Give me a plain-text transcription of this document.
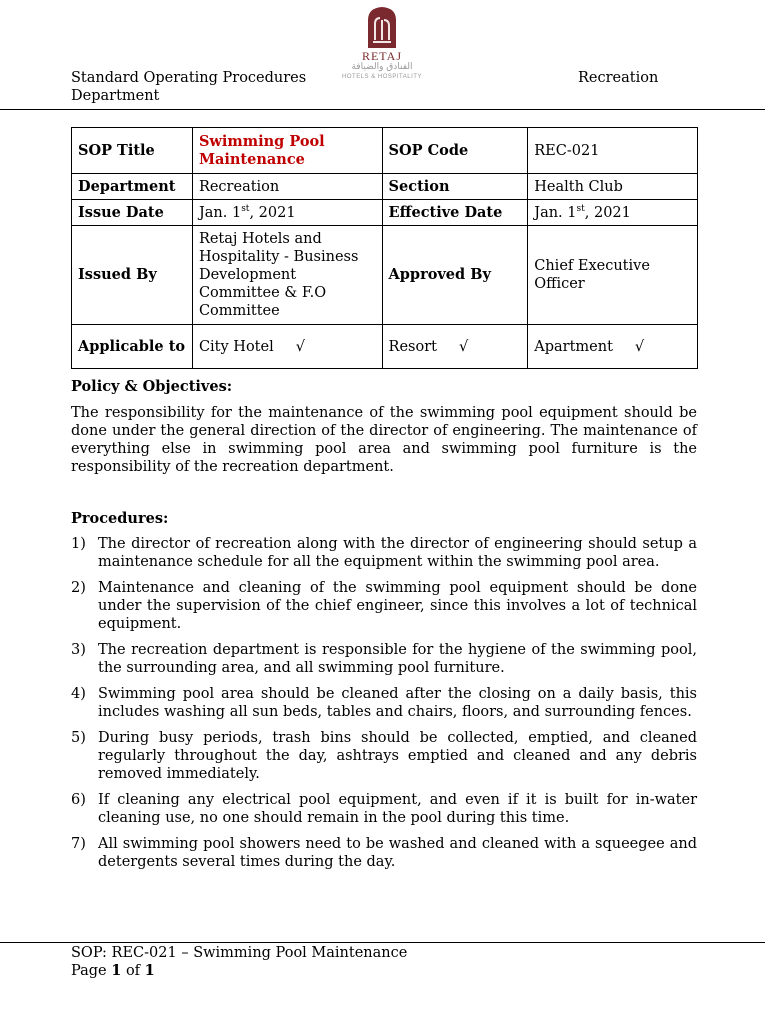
RETAJ
الفنادق والضيافة
HOTELS & HOSPITALITY
Standard Operating Procedures
Department
Recreation
SOP Title	Swimming Pool Maintenance	SOP Code	REC-021
Department	Recreation	Section	Health Club
Issue Date	Jan. 1st, 2021	Effective Date	Jan. 1st, 2021
Issued By	Retaj Hotels and Hospitality - Business Development Committee & F.O Committee	Approved By	Chief Executive Officer
Applicable to	City Hotel √	Resort √	Apartment √
Policy & Objectives:

The responsibility for the maintenance of the swimming pool equipment should be done under the general direction of the director of engineering. The maintenance of everything else in swimming pool area and swimming pool furniture is the responsibility of the recreation department.

Procedures:
1) The director of recreation along with the director of engineering should setup a maintenance schedule for all the equipment within the swimming pool area.
2) Maintenance and cleaning of the swimming pool equipment should be done under the supervision of the chief engineer, since this involves a lot of technical equipment.
3) The recreation department is responsible for the hygiene of the swimming pool, the surrounding area, and all swimming pool furniture.
4) Swimming pool area should be cleaned after the closing on a daily basis, this includes washing all sun beds, tables and chairs, floors, and surrounding fences.
5) During busy periods, trash bins should be collected, emptied, and cleaned regularly throughout the day, ashtrays emptied and cleaned and any debris removed immediately.
6) If cleaning any electrical pool equipment, and even if it is built for in-water cleaning use, no one should remain in the pool during this time.
7) All swimming pool showers need to be washed and cleaned with a squeegee and detergents several times during the day.
SOP: REC-021 – Swimming Pool Maintenance
Page 1 of 1
